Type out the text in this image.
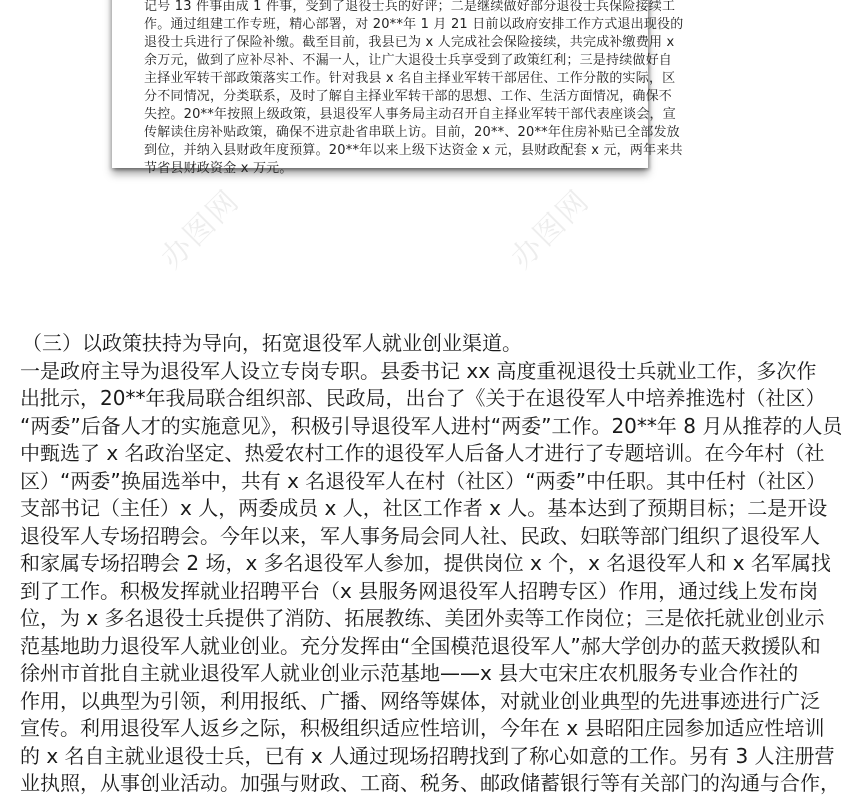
记号 13 件事由成 1 件事，受到了退役士兵的好评；二是继续做好部分退役士兵保险接续工
作。通过组建工作专班，精心部署，对 20**年 1 月 21 日前以政府安排工作方式退出现役的
退役士兵进行了保险补缴。截至目前，我县已为 x 人完成社会保险接续，共完成补缴费用 x
余万元，做到了应补尽补、不漏一人，让广大退役士兵享受到了政策红利；三是持续做好自
主择业军转干部政策落实工作。针对我县 x 名自主择业军转干部居住、工作分散的实际，区
分不同情况，分类联系，及时了解自主择业军转干部的思想、工作、生活方面情况，确保不
失控。20**年按照上级政策，县退役军人事务局主动召开自主择业军转干部代表座谈会，宣
传解读住房补贴政策，确保不进京赴省串联上访。目前，20**、20**年住房补贴已全部发放
到位，并纳入县财政年度预算。20**年以来上级下达资金 x 元，县财政配套 x 元，两年来共
节省县财政资金 x 万元。
办图网	办图网
（三）以政策扶持为导向，拓宽退役军人就业创业渠道。
一是政府主导为退役军人设立专岗专职。县委书记 xx 高度重视退役士兵就业工作，多次作
出批示，20**年我局联合组织部、民政局，出台了《关于在退役军人中培养推选村（社区）
“两委”后备人才的实施意见》，积极引导退役军人进村“两委”工作。20**年 8 月从推荐的人员
中甄选了 x 名政治坚定、热爱农村工作的退役军人后备人才进行了专题培训。在今年村（社
区）“两委”换届选举中，共有 x 名退役军人在村（社区）“两委”中任职。其中任村（社区）
支部书记（主任）x 人，两委成员 x 人，社区工作者 x 人。基本达到了预期目标；二是开设
退役军人专场招聘会。今年以来，军人事务局会同人社、民政、妇联等部门组织了退役军人
和家属专场招聘会 2 场，x 多名退役军人参加，提供岗位 x 个，x 名退役军人和 x 名军属找
到了工作。积极发挥就业招聘平台（x 县服务网退役军人招聘专区）作用，通过线上发布岗
位，为 x 多名退役士兵提供了消防、拓展教练、美团外卖等工作岗位；三是依托就业创业示
范基地助力退役军人就业创业。充分发挥由“全国模范退役军人”郝大学创办的蓝天救援队和
徐州市首批自主就业退役军人就业创业示范基地——x 县大屯宋庄农机服务专业合作社的
作用，以典型为引领，利用报纸、广播、网络等媒体，对就业创业典型的先进事迹进行广泛
宣传。利用退役军人返乡之际，积极组织适应性培训，今年在 x 县昭阳庄园参加适应性培训
的 x 名自主就业退役士兵，已有 x 人通过现场招聘找到了称心如意的工作。另有 3 人注册营
业执照，从事创业活动。加强与财政、工商、税务、邮政储蓄银行等有关部门的沟通与合作，
